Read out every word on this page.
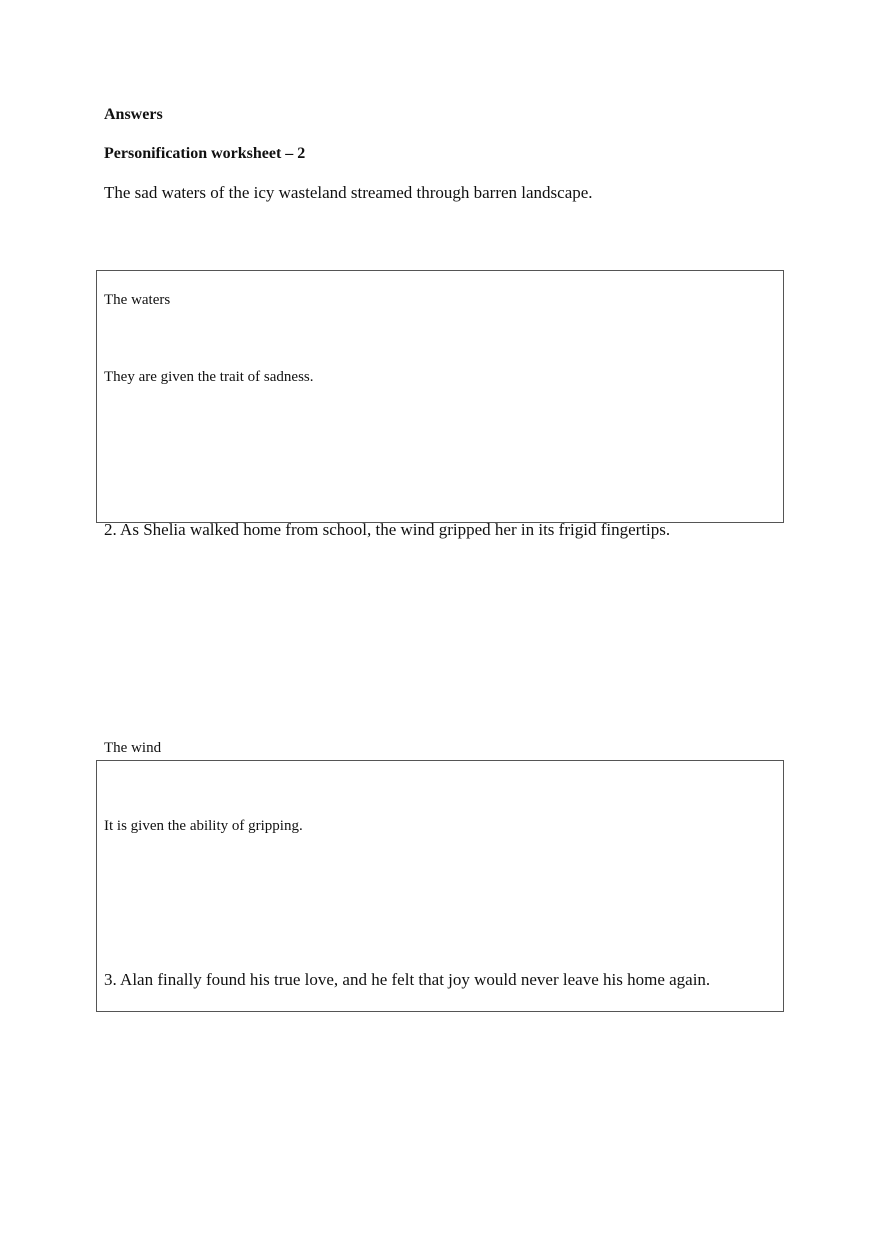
Answers

Personification worksheet – 2

The sad waters of the icy wasteland streamed through barren landscape.

The waters

They are given the trait of sadness.

2. As Shelia walked home from school, the wind gripped her in its frigid fingertips.

The wind

It is given the ability of gripping.

3. Alan finally found his true love, and he felt that joy would never leave his home again.
